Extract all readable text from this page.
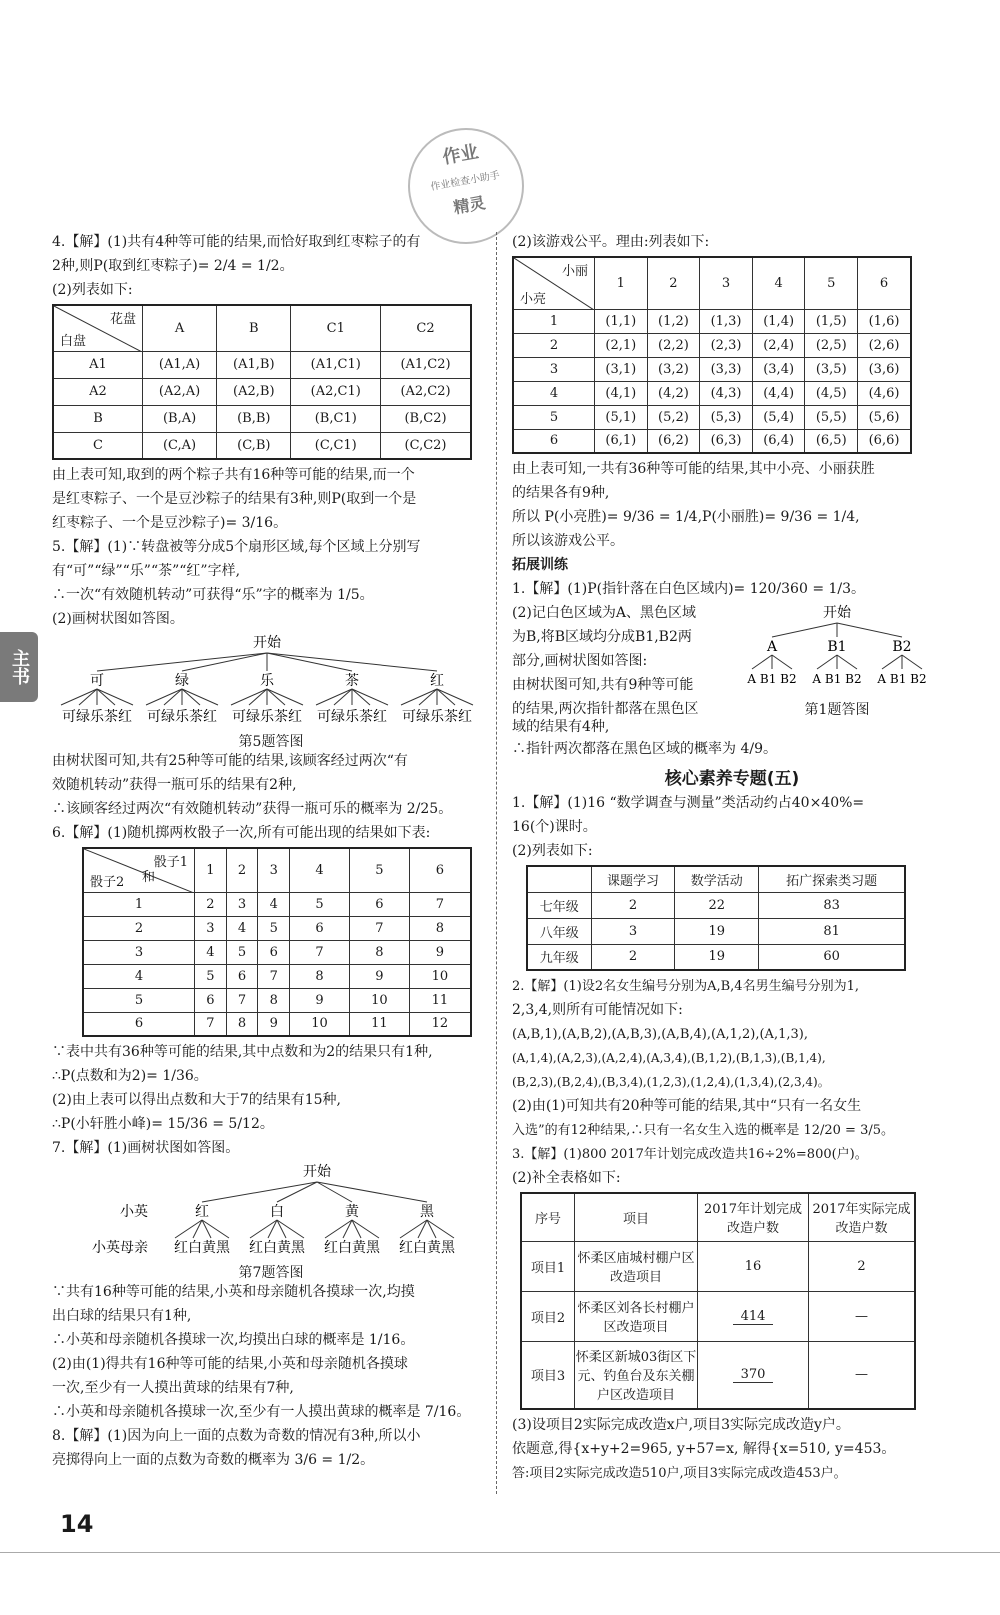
作业
作业检查小助手
精灵
主书
4.【解】(1)共有4种等可能的结果,而恰好取到红枣粽子的有
2种,则P(取到红枣粽子)= 2/4 = 1/2。
(2)列表如下:
花盘
白盘	A	B	C1	C2
A1	(A1,A)	(A1,B)	(A1,C1)	(A1,C2)
A2	(A2,A)	(A2,B)	(A2,C1)	(A2,C2)
B	(B,A)	(B,B)	(B,C1)	(B,C2)
C	(C,A)	(C,B)	(C,C1)	(C,C2)
由上表可知,取到的两个粽子共有16种等可能的结果,而一个
是红枣粽子、一个是豆沙粽子的结果有3种,则P(取到一个是
红枣粽子、一个是豆沙粽子)= 3/16。
5.【解】(1)∵转盘被等分成5个扇形区域,每个区域上分别写
有“可”“绿”“乐”“茶”“红”字样,
∴一次“有效随机转动”可获得“乐”字的概率为 1/5。
(2)画树状图如答图。
开始
可	绿	乐	茶	红
可绿乐茶红 可绿乐茶红 可绿乐茶红 可绿乐茶红 可绿乐茶红
第5题答图
由树状图可知,共有25种等可能的结果,该顾客经过两次“有
效随机转动”获得一瓶可乐的结果有2种,
∴该顾客经过两次“有效随机转动”获得一瓶可乐的概率为 2/25。
6.【解】(1)随机掷两枚骰子一次,所有可能出现的结果如下表:
骰子1
和
骰子2	1	2	3	4	5	6
1	2	3	4	5	6	7
2	3	4	5	6	7	8
3	4	5	6	7	8	9
4	5	6	7	8	9	10
5	6	7	8	9	10	11
6	7	8	9	10	11	12
∵表中共有36种等可能的结果,其中点数和为2的结果只有1种,
∴P(点数和为2)= 1/36。
(2)由上表可以得出点数和大于7的结果有15种,
∴P(小轩胜小峰)= 15/36 = 5/12。
7.【解】(1)画树状图如答图。
开始
小英	红	白	黄	黑
小英母亲 红白黄黑 红白黄黑 红白黄黑 红白黄黑
第7题答图
∵共有16种等可能的结果,小英和母亲随机各摸球一次,均摸
出白球的结果只有1种,
∴小英和母亲随机各摸球一次,均摸出白球的概率是 1/16。
(2)由(1)得共有16种等可能的结果,小英和母亲随机各摸球
一次,至少有一人摸出黄球的结果有7种,
∴小英和母亲随机各摸球一次,至少有一人摸出黄球的概率是 7/16。
8.【解】(1)因为向上一面的点数为奇数的情况有3种,所以小
亮掷得向上一面的点数为奇数的概率为 3/6 = 1/2。
(2)该游戏公平。理由:列表如下:
小丽
小亮	1	2	3	4	5	6
1	(1,1)	(1,2)	(1,3)	(1,4)	(1,5)	(1,6)
2	(2,1)	(2,2)	(2,3)	(2,4)	(2,5)	(2,6)
3	(3,1)	(3,2)	(3,3)	(3,4)	(3,5)	(3,6)
4	(4,1)	(4,2)	(4,3)	(4,4)	(4,5)	(4,6)
5	(5,1)	(5,2)	(5,3)	(5,4)	(5,5)	(5,6)
6	(6,1)	(6,2)	(6,3)	(6,4)	(6,5)	(6,6)
由上表可知,一共有36种等可能的结果,其中小亮、小丽获胜
的结果各有9种,
所以 P(小亮胜)= 9/36 = 1/4,P(小丽胜)= 9/36 = 1/4,
所以该游戏公平。
拓展训练
1.【解】(1)P(指针落在白色区域内)= 120/360 = 1/3。
(2)记白色区域为A、黑色区域
为B,将B区域均分成B1,B2两
部分,画树状图如答图:
由树状图可知,共有9种等可能
的结果,两次指针都落在黑色区
开始
A	B1	B2
A B1 B2 A B1 B2 A B1 B2
第1题答图
域的结果有4种,
∴指针两次都落在黑色区域的概率为 4/9。
核心素养专题(五)
1.【解】(1)16 “数学调查与测量”类活动约占40×40%=
16(个)课时。
(2)列表如下:
	课题学习	数学活动	拓广探索类习题
七年级	2	22	83
八年级	3	19	81
九年级	2	19	60
2.【解】(1)设2名女生编号分别为A,B,4名男生编号分别为1,
2,3,4,则所有可能情况如下:
(A,B,1),(A,B,2),(A,B,3),(A,B,4),(A,1,2),(A,1,3),
(A,1,4),(A,2,3),(A,2,4),(A,3,4),(B,1,2),(B,1,3),(B,1,4),
(B,2,3),(B,2,4),(B,3,4),(1,2,3),(1,2,4),(1,3,4),(2,3,4)。
(2)由(1)可知共有20种等可能的结果,其中“只有一名女生
入选”的有12种结果,∴只有一名女生入选的概率是 12/20 = 3/5。
3.【解】(1)800 2017年计划完成改造共16÷2%=800(户)。
(2)补全表格如下:
序号	项目	2017年计划完成改造户数	2017年实际完成改造户数
项目1	怀柔区庙城村棚户区改造项目	16	2
项目2	怀柔区刘各长村棚户区改造项目	414	—
项目3	怀柔区新城03街区下元、钓鱼台及东关棚户区改造项目	370	—
(3)设项目2实际完成改造x户,项目3实际完成改造y户。
依题意,得{x+y+2=965, y+57=x, 解得{x=510, y=453。
答:项目2实际完成改造510户,项目3实际完成改造453户。
14
